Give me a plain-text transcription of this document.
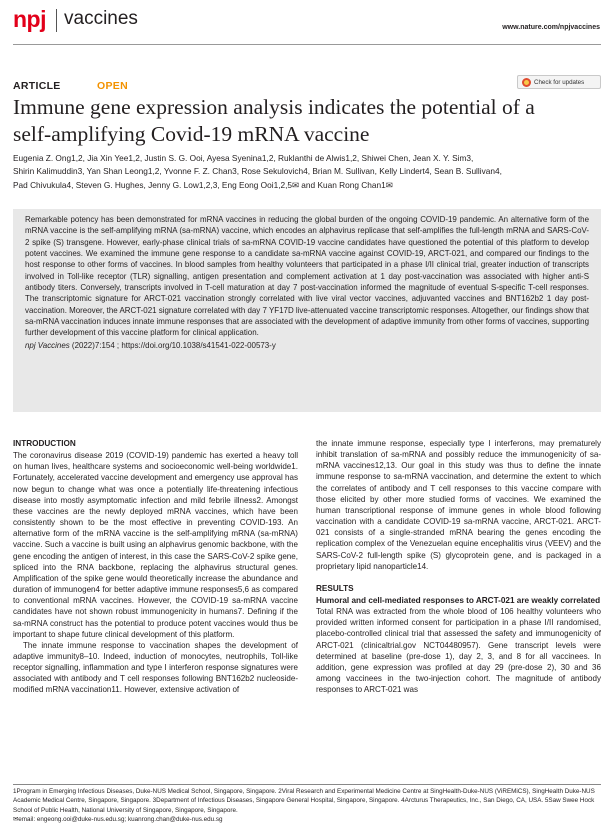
npj vaccines	www.nature.com/npjvaccines
ARTICLE	OPEN	Check for updates
Immune gene expression analysis indicates the potential of a
self-amplifying Covid-19 mRNA vaccine
Eugenia Z. Ong1,2, Jia Xin Yee1,2, Justin S. G. Ooi, Ayesa Syenina1,2, Ruklanthi de Alwis1,2, Shiwei Chen, Jean X. Y. Sim3,
Shirin Kalimuddin3, Yan Shan Leong1,2, Yvonne F. Z. Chan3, Rose Sekulovich4, Brian M. Sullivan, Kelly Lindert4, Sean B. Sullivan4,
Pad Chivukula4, Steven G. Hughes, Jenny G. Low1,2,3, Eng Eong Ooi1,2,5✉ and Kuan Rong Chan1✉
Remarkable potency has been demonstrated for mRNA vaccines in reducing the global burden of the ongoing COVID-19 pandemic. An alternative form of the mRNA vaccine is the self-amplifying mRNA (sa-mRNA) vaccine, which encodes an alphavirus replicase that self-amplifies the full-length mRNA and SARS-CoV-2 spike (S) transgene. However, early-phase clinical trials of sa-mRNA COVID-19 vaccine candidates have questioned the potential of this platform to develop potent vaccines. We examined the immune gene response to a candidate sa-mRNA vaccine against COVID-19, ARCT-021, and compared our findings to the host response to other forms of vaccines. In blood samples from healthy volunteers that participated in a phase I/II clinical trial, greater induction of transcripts involved in Toll-like receptor (TLR) signalling, antigen presentation and complement activation at 1 day post-vaccination was associated with higher anti-S antibody titers. Conversely, transcripts involved in T-cell maturation at day 7 post-vaccination informed the magnitude of eventual S-specific T-cell responses. The transcriptomic signature for ARCT-021 vaccination strongly correlated with live viral vector vaccines, adjuvanted vaccines and BNT162b2 1 day post-vaccination. Moreover, the ARCT-021 signature correlated with day 7 YF17D live-attenuated vaccine transcriptomic responses. Altogether, our findings show that sa-mRNA vaccination induces innate immune responses that are associated with the development of adaptive immunity from other forms of vaccines, supporting further development of this vaccine platform for clinical application.
npj Vaccines (2022)7:154 ; https://doi.org/10.1038/s41541-022-00573-y
INTRODUCTION

The coronavirus disease 2019 (COVID-19) pandemic has exerted a heavy toll on human lives, healthcare systems and socioeconomic well-being worldwide1. Fortunately, accelerated vaccine development and emergency use approval has now begun to change what was once a potentially life-threatening infectious disease into mostly asymptomatic infection and mild febrile illness2. Amongst these vaccines are the newly deployed mRNA vaccines, which have been consistently shown to be the most effective in preventing COVID-193. An alternative form of the mRNA vaccine is the self-amplifying mRNA (sa-mRNA) vaccine. Such a vaccine is built using an alphavirus genomic backbone, with the gene encoding the antigen of interest, in this case the SARS-CoV-2 spike gene, spliced into the RNA backbone, replacing the alphavirus structural genes. Amplification of the spike gene would theoretically increase the abundance and duration of immunogen4 for better adaptive immune responses5,6 as compared to conventional mRNA vaccines. However, the COVID-19 sa-mRNA vaccine candidates have not shown robust immunogenicity in humans7. Defining if the sa-mRNA construct has the potential to produce potent vaccines would thus be important to shape future clinical development of this platform.

The innate immune response to vaccination shapes the development of adaptive immunity8–10. Indeed, induction of monocytes, neutrophils, Toll-like receptor signalling, inflammation and type I interferon response signatures were associated with antibody and T cell responses following BNT162b2 nucleoside-modified mRNA vaccination11. However, extensive activation of

the innate immune response, especially type I interferons, may prematurely inhibit translation of sa-mRNA and possibly reduce the immunogenicity of sa-mRNA vaccines12,13. Our goal in this study was thus to define the innate immune response to sa-mRNA vaccination, and determine the extent to which the correlates of antibody and T cell responses to this vaccine compare with those elicited by other more studied forms of vaccines. We examined the human transcriptional response of immune genes in whole blood following vaccination with a candidate COVID-19 sa-mRNA vaccine, ARCT-021. ARCT-021 consists of a single-stranded mRNA bearing the genes encoding the replication complex of the Venezuelan equine encephalitis virus (VEEV) and the SARS-CoV-2 full-length spike (S) glycoprotein gene, and is packaged in a proprietary lipid nanoparticle14.

RESULTS
Humoral and cell-mediated responses to ARCT-021 are weakly correlated

Total RNA was extracted from the whole blood of 106 healthy volunteers who provided written informed consent for participation in a phase I/II randomised, placebo-controlled clinical trial that assessed the safety and immunogenicity of ARCT-021 (clinicaltrial.gov NCT04480957). Gene transcript levels were determined at baseline (pre-dose 1), day 2, 3, and 8 for all vaccinees. In addition, gene expression was profiled at day 29 (pre-dose 2), 30 and 36 among vaccinees in the two-injection cohort. The magnitude of antibody responses to ARCT-021 was

1Program in Emerging Infectious Diseases, Duke-NUS Medical School, Singapore, Singapore. 2Viral Research and Experimental Medicine Centre at SingHealth-Duke-NUS (ViREMiCS), SingHealth Duke-NUS Academic Medical Centre, Singapore, Singapore. 3Department of Infectious Diseases, Singapore General Hospital, Singapore, Singapore. 4Arcturus Therapeutics, Inc., San Diego, CA, USA. 5Saw Swee Hock School of Public Health, National University of Singapore, Singapore, Singapore.
✉email: engeong.ooi@duke-nus.edu.sg; kuanrong.chan@duke-nus.edu.sg
